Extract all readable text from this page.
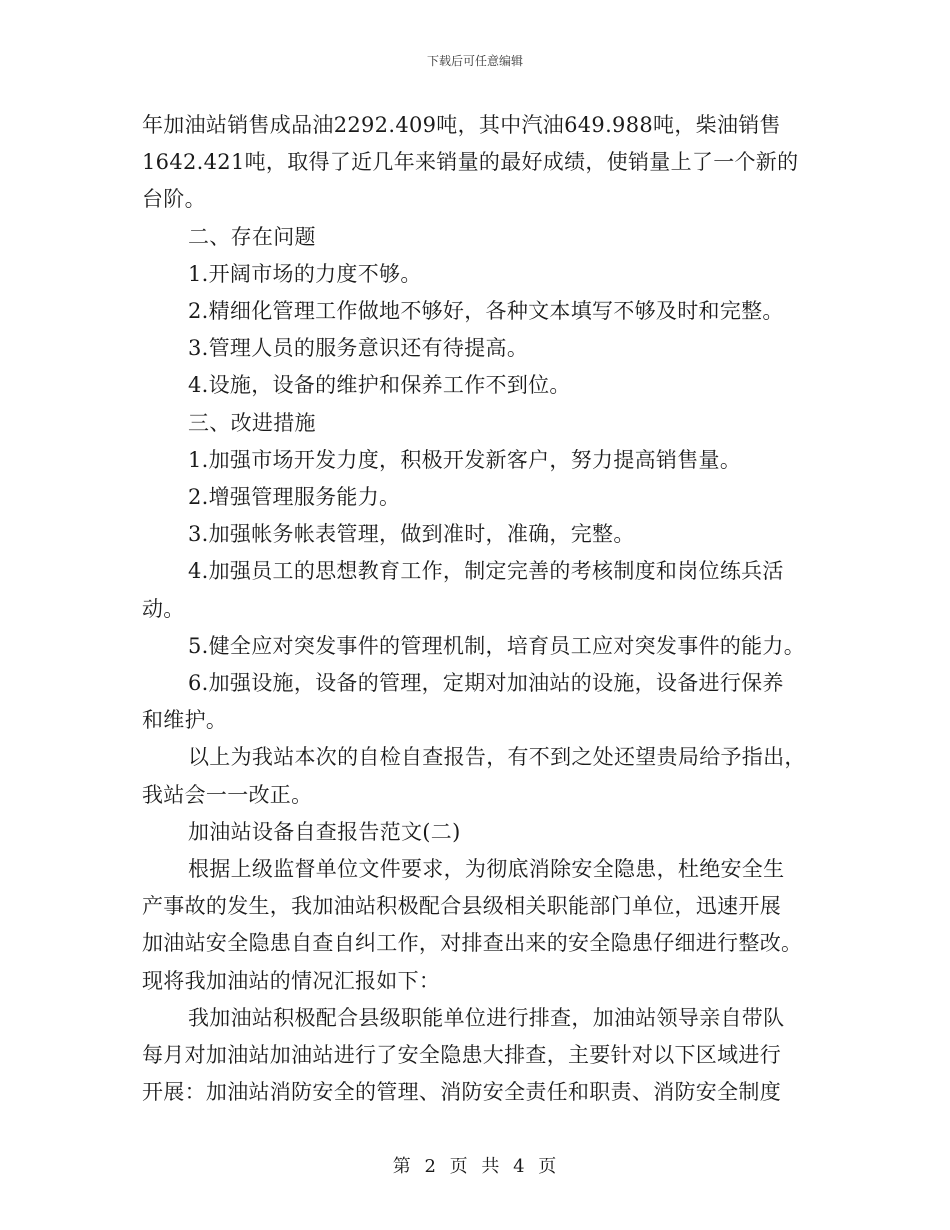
下载后可任意编辑

年加油站销售成品油2292.409吨，其中汽油649.988吨，柴油销售

1642.421吨，取得了近几年来销量的最好成绩，使销量上了一个新的

台阶。

二、存在问题

1.开阔市场的力度不够。

2.精细化管理工作做地不够好，各种文本填写不够及时和完整。

3.管理人员的服务意识还有待提高。

4.设施，设备的维护和保养工作不到位。

三、改进措施

1.加强市场开发力度，积极开发新客户，努力提高销售量。

2.增强管理服务能力。

3.加强帐务帐表管理，做到准时，准确，完整。

4.加强员工的思想教育工作，制定完善的考核制度和岗位练兵活

动。

5.健全应对突发事件的管理机制，培育员工应对突发事件的能力。

6.加强设施，设备的管理，定期对加油站的设施，设备进行保养

和维护。

以上为我站本次的自检自查报告，有不到之处还望贵局给予指出，

我站会一一改正。

加油站设备自查报告范文(二)

根据上级监督单位文件要求，为彻底消除安全隐患，杜绝安全生

产事故的发生，我加油站积极配合县级相关职能部门单位，迅速开展

加油站安全隐患自查自纠工作，对排查出来的安全隐患仔细进行整改。

现将我加油站的情况汇报如下：

我加油站积极配合县级职能单位进行排查，加油站领导亲自带队

每月对加油站加油站进行了安全隐患大排查，主要针对以下区域进行

开展：加油站消防安全的管理、消防安全责任和职责、消防安全制度

第 2 页 共 4 页
